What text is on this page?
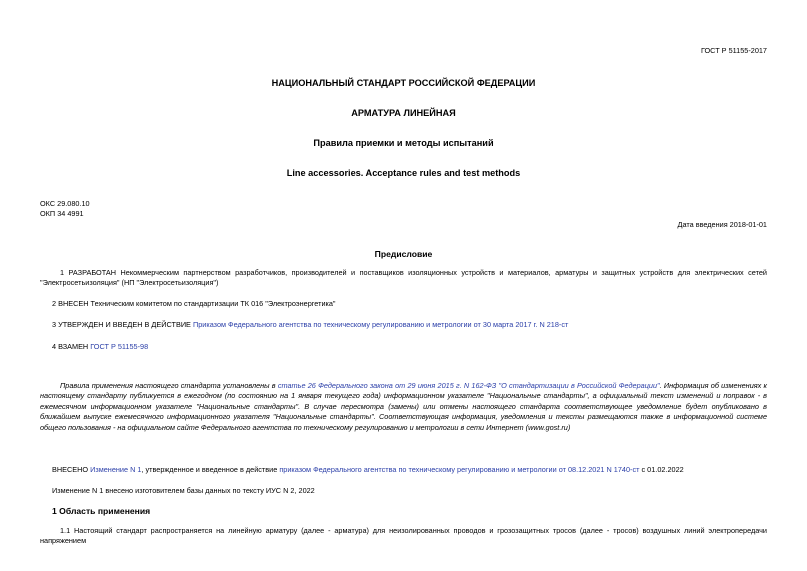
ГОСТ Р 51155-2017
НАЦИОНАЛЬНЫЙ СТАНДАРТ РОССИЙСКОЙ ФЕДЕРАЦИИ
АРМАТУРА ЛИНЕЙНАЯ
Правила приемки и методы испытаний
Line accessories. Acceptance rules and test methods
ОКС 29.080.10
ОКП 34 4991
Дата введения 2018-01-01
Предисловие
1 РАЗРАБОТАН Некоммерческим партнерством разработчиков, производителей и поставщиков изоляционных устройств и материалов, арматуры и защитных устройств для электрических сетей "Электросетьизоляция" (НП "Электросетьизоляция")
2 ВНЕСЕН Техническим комитетом по стандартизации ТК 016 "Электроэнергетика"
3 УТВЕРЖДЕН И ВВЕДЕН В ДЕЙСТВИЕ Приказом Федерального агентства по техническому регулированию и метрологии от 30 марта 2017 г. N 218-ст
4 ВЗАМЕН ГОСТ Р 51155-98
Правила применения настоящего стандарта установлены в статье 26 Федерального закона от 29 июня 2015 г. N 162-ФЗ "О стандартизации в Российской Федерации". Информация об изменениях к настоящему стандарту публикуется в ежегодном (по состоянию на 1 января текущего года) информационном указателе "Национальные стандарты", а официальный текст изменений и поправок - в ежемесячном информационном указателе "Национальные стандарты". В случае пересмотра (замены) или отмены настоящего стандарта соответствующее уведомление будет опубликовано в ближайшем выпуске ежемесячного информационного указателя "Национальные стандарты". Соответствующая информация, уведомления и тексты размещаются также в информационной системе общего пользования - на официальном сайте Федерального агентства по техническому регулированию и метрологии в сети Интернет (www.gost.ru)
ВНЕСЕНО Изменение N 1, утвержденное и введенное в действие приказом Федерального агентства по техническому регулированию и метрологии от 08.12.2021 N 1740-ст с 01.02.2022
Изменение N 1 внесено изготовителем базы данных по тексту ИУС N 2, 2022
1 Область применения
1.1 Настоящий стандарт распространяется на линейную арматуру (далее - арматура) для неизолированных проводов и грозозащитных тросов (далее - тросов) воздушных линий электропередачи напряжением
